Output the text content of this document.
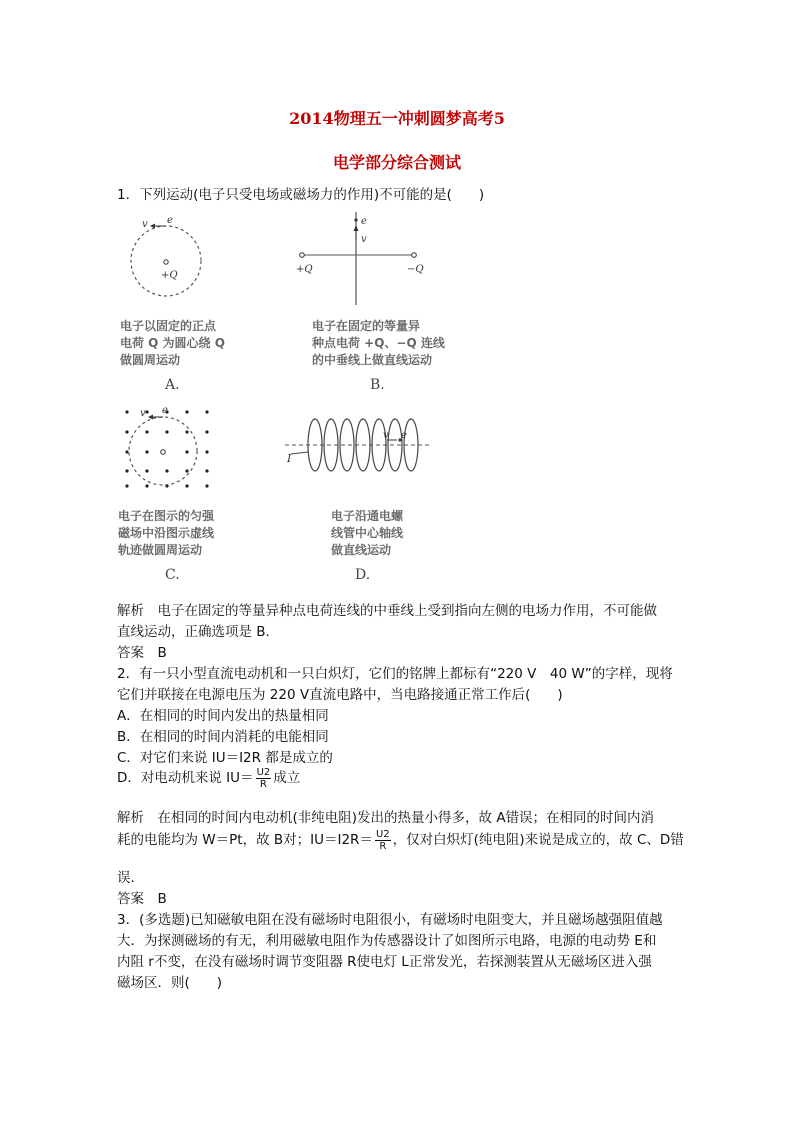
2014物理五一冲刺圆梦高考5
电学部分综合测试
1．下列运动(电子只受电场或磁场力的作用)不可能的是(　　)
v e
+Q
电子以固定的正点
电荷 Q 为圆心绕 Q
做圆周运动
A.
e
v
+Q	−Q
电子在固定的等量异
种点电荷 +Q、−Q 连线
的中垂线上做直线运动
B.
v e
电子在图示的匀强
磁场中沿图示虚线
轨迹做圆周运动
C.
I
v e
电子沿通电螺
线管中心轴线
做直线运动
D.
解析　电子在固定的等量异种点电荷连线的中垂线上受到指向左侧的电场力作用，不可能做
直线运动，正确选项是 B.
答案　B
2．有一只小型直流电动机和一只白炽灯，它们的铭牌上都标有“220 V　40 W”的字样，现将
它们并联接在电源电压为 220 V直流电路中，当电路接通正常工作后(　　)
A．在相同的时间内发出的热量相同
B．在相同的时间内消耗的电能相同
C．对它们来说 IU＝I2R 都是成立的
D．对电动机来说 $IU= \frac{U2}{R}$ 成立
解析　在相同的时间内电动机(非纯电阻)发出的热量小得多，故 A错误；在相同的时间内消
耗的电能均为 W＝Pt，故 B对；$IU=I2R= \frac{U2}{R}$ ，仅对白炽灯(纯电阻)来说是成立的，故 C、D错
误．
答案　B
3．(多选题)已知磁敏电阻在没有磁场时电阻很小，有磁场时电阻变大，并且磁场越强阻值越
大．为探测磁场的有无，利用磁敏电阻作为传感器设计了如图所示电路，电源的电动势 E和
内阻 r不变，在没有磁场时调节变阻器 R使电灯 L正常发光，若探测装置从无磁场区进入强
磁场区．则(　　)
